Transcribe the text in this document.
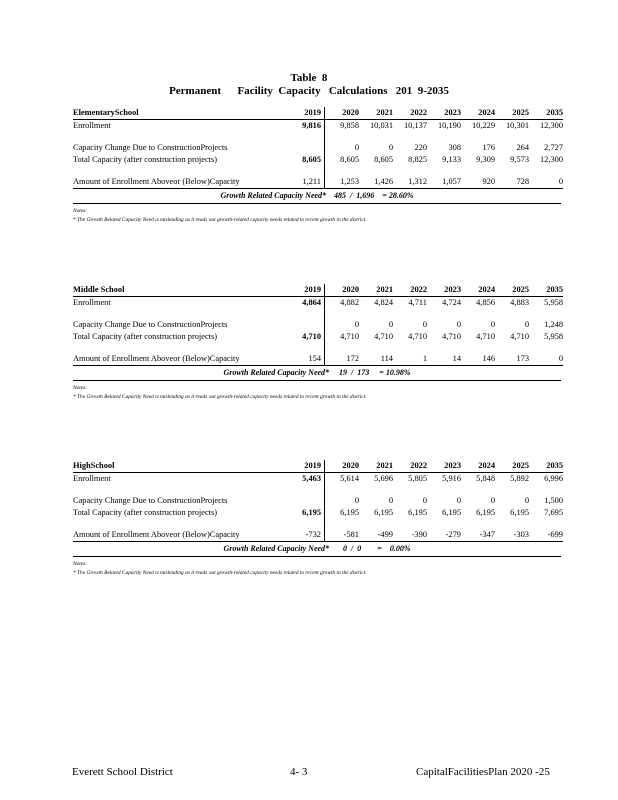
Table  8
Permanent      Facility  Capacity   Calculations   201  9-2035
ElementarySchool	2019	2020	2021	2022	2023	2024	2025	2035
Enrollment	9,816	9,858	10,031	10,137	10,190	10,229	10,301	12,300

Capacity Change Due to ConstructionProjects		0	0	220	308	176	264	2,727
Total Capacity (after construction projects)	8,605	8,605	8,605	8,825	9,133	9,309	9,573	12,300

Amount of Enrollment Aboveor (Below)Capacity	1,211	1,253	1,426	1,312	1,057	920	728	0
Growth Related Capacity Need*    485  /  1,696    = 28.60%
Notes:
* The Growth Related Capacity Need is misleading as it reads out growth-related capacity needs related to recent growth in the district.
Middle School	2019	2020	2021	2022	2023	2024	2025	2035
Enrollment	4,864	4,882	4,824	4,711	4,724	4,856	4,883	5,958

Capacity Change Due to ConstructionProjects		0	0	0	0	0	0	1,248
Total Capacity (after construction projects)	4,710	4,710	4,710	4,710	4,710	4,710	4,710	5,958

Amount of Enrollment Aboveor (Below)Capacity	154	172	114	1	14	146	173	0
Growth Related Capacity Need*     19  /  173     = 10.98%
Notes:
* The Growth Related Capacity Need is misleading as it reads out growth-related capacity needs related to recent growth in the district.
HighSchool	2019	2020	2021	2022	2023	2024	2025	2035
Enrollment	5,463	5,614	5,696	5,805	5,916	5,848	5,892	6,996

Capacity Change Due to ConstructionProjects		0	0	0	0	0	0	1,500
Total Capacity (after construction projects)	6,195	6,195	6,195	6,195	6,195	6,195	6,195	7,695

Amount of Enrollment Aboveor (Below)Capacity	-732	-581	-499	-390	-279	-347	-303	-699
Growth Related Capacity Need*       0  /  0        =    0.00%
Notes:
* The Growth Related Capacity Need is misleading as it reads out growth-related capacity needs related to recent growth in the district.
Everett School District	4- 3	CapitalFacilitiesPlan 2020 -25
